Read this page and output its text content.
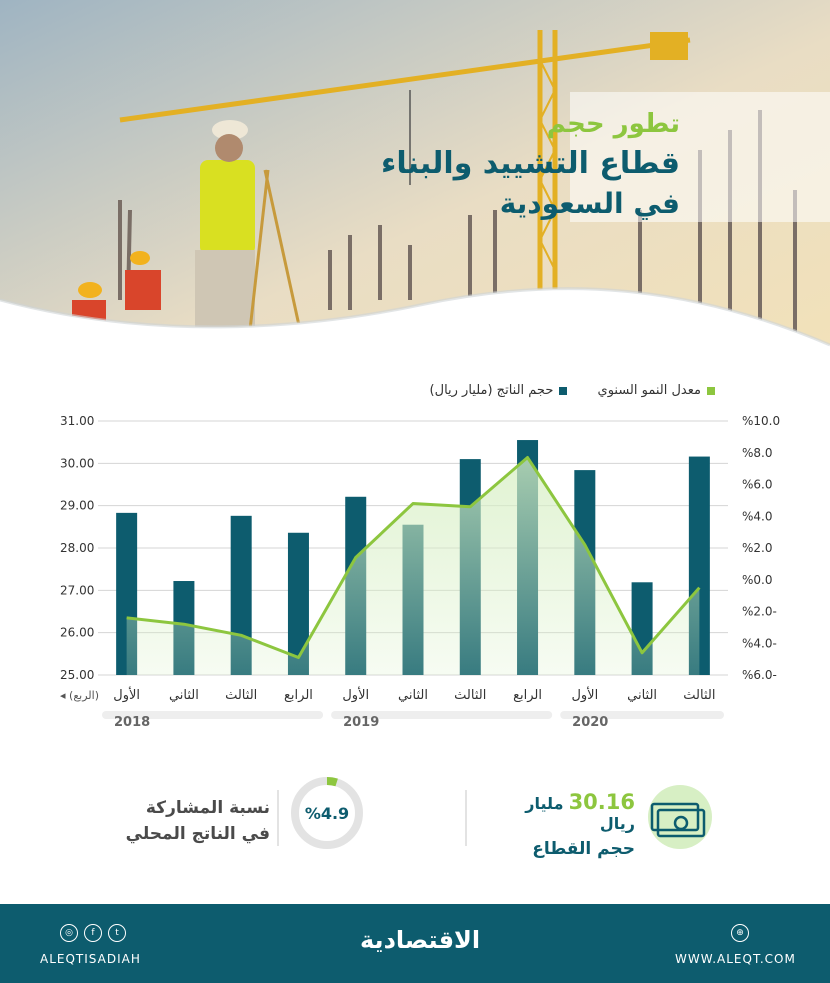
تطور حجم
قطاع التشييد والبناء
في السعودية
معدل النمو السنوي

حجم الناتج (مليار ريال)
25.00
26.00
27.00
28.00
29.00
30.00
31.00
%6.0-
%4.0-
%2.0-
%0.0
%2.0
%4.0
%6.0
%8.0
%10.0
الأول الثاني الثالث الرابع الأول الثاني الثالث الرابع الأول الثاني الثالث
◂ (الربع)
2018	2019	2020
30.16 مليار ريال
حجم القطاع
%4.9
نسبة المشاركة
في الناتج المحلي
◎	f	t
ALEQTISADIAH
الاقتصادية	⊕
WWW.ALEQT.COM
